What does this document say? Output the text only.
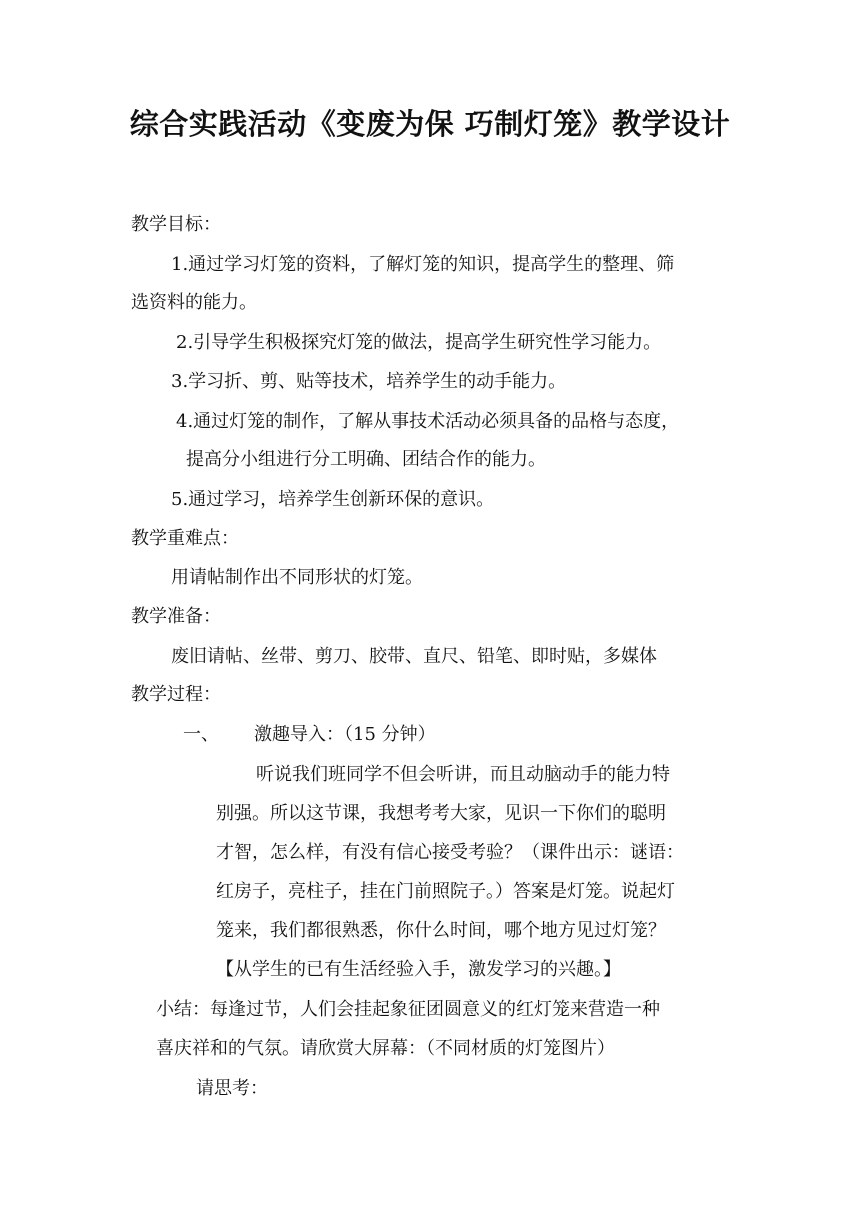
综合实践活动《变废为保 巧制灯笼》教学设计
教学目标：
1.通过学习灯笼的资料，了解灯笼的知识，提高学生的整理、筛
选资料的能力。
2.引导学生积极探究灯笼的做法，提高学生研究性学习能力。
3.学习折、剪、贴等技术，培养学生的动手能力。
4.通过灯笼的制作，了解从事技术活动必须具备的品格与态度，
提高分小组进行分工明确、团结合作的能力。
5.通过学习，培养学生创新环保的意识。
教学重难点：
用请帖制作出不同形状的灯笼。
教学准备：
废旧请帖、丝带、剪刀、胶带、直尺、铅笔、即时贴，多媒体
教学过程：
一、 激趣导入：（15 分钟）
听说我们班同学不但会听讲，而且动脑动手的能力特
别强。所以这节课，我想考考大家，见识一下你们的聪明
才智，怎么样，有没有信心接受考验？（课件出示：谜语：
红房子，亮柱子，挂在门前照院子。）答案是灯笼。说起灯
笼来，我们都很熟悉，你什么时间，哪个地方见过灯笼？
【从学生的已有生活经验入手，激发学习的兴趣。】
小结：每逢过节，人们会挂起象征团圆意义的红灯笼来营造一种
喜庆祥和的气氛。请欣赏大屏幕：（不同材质的灯笼图片）
请思考：
